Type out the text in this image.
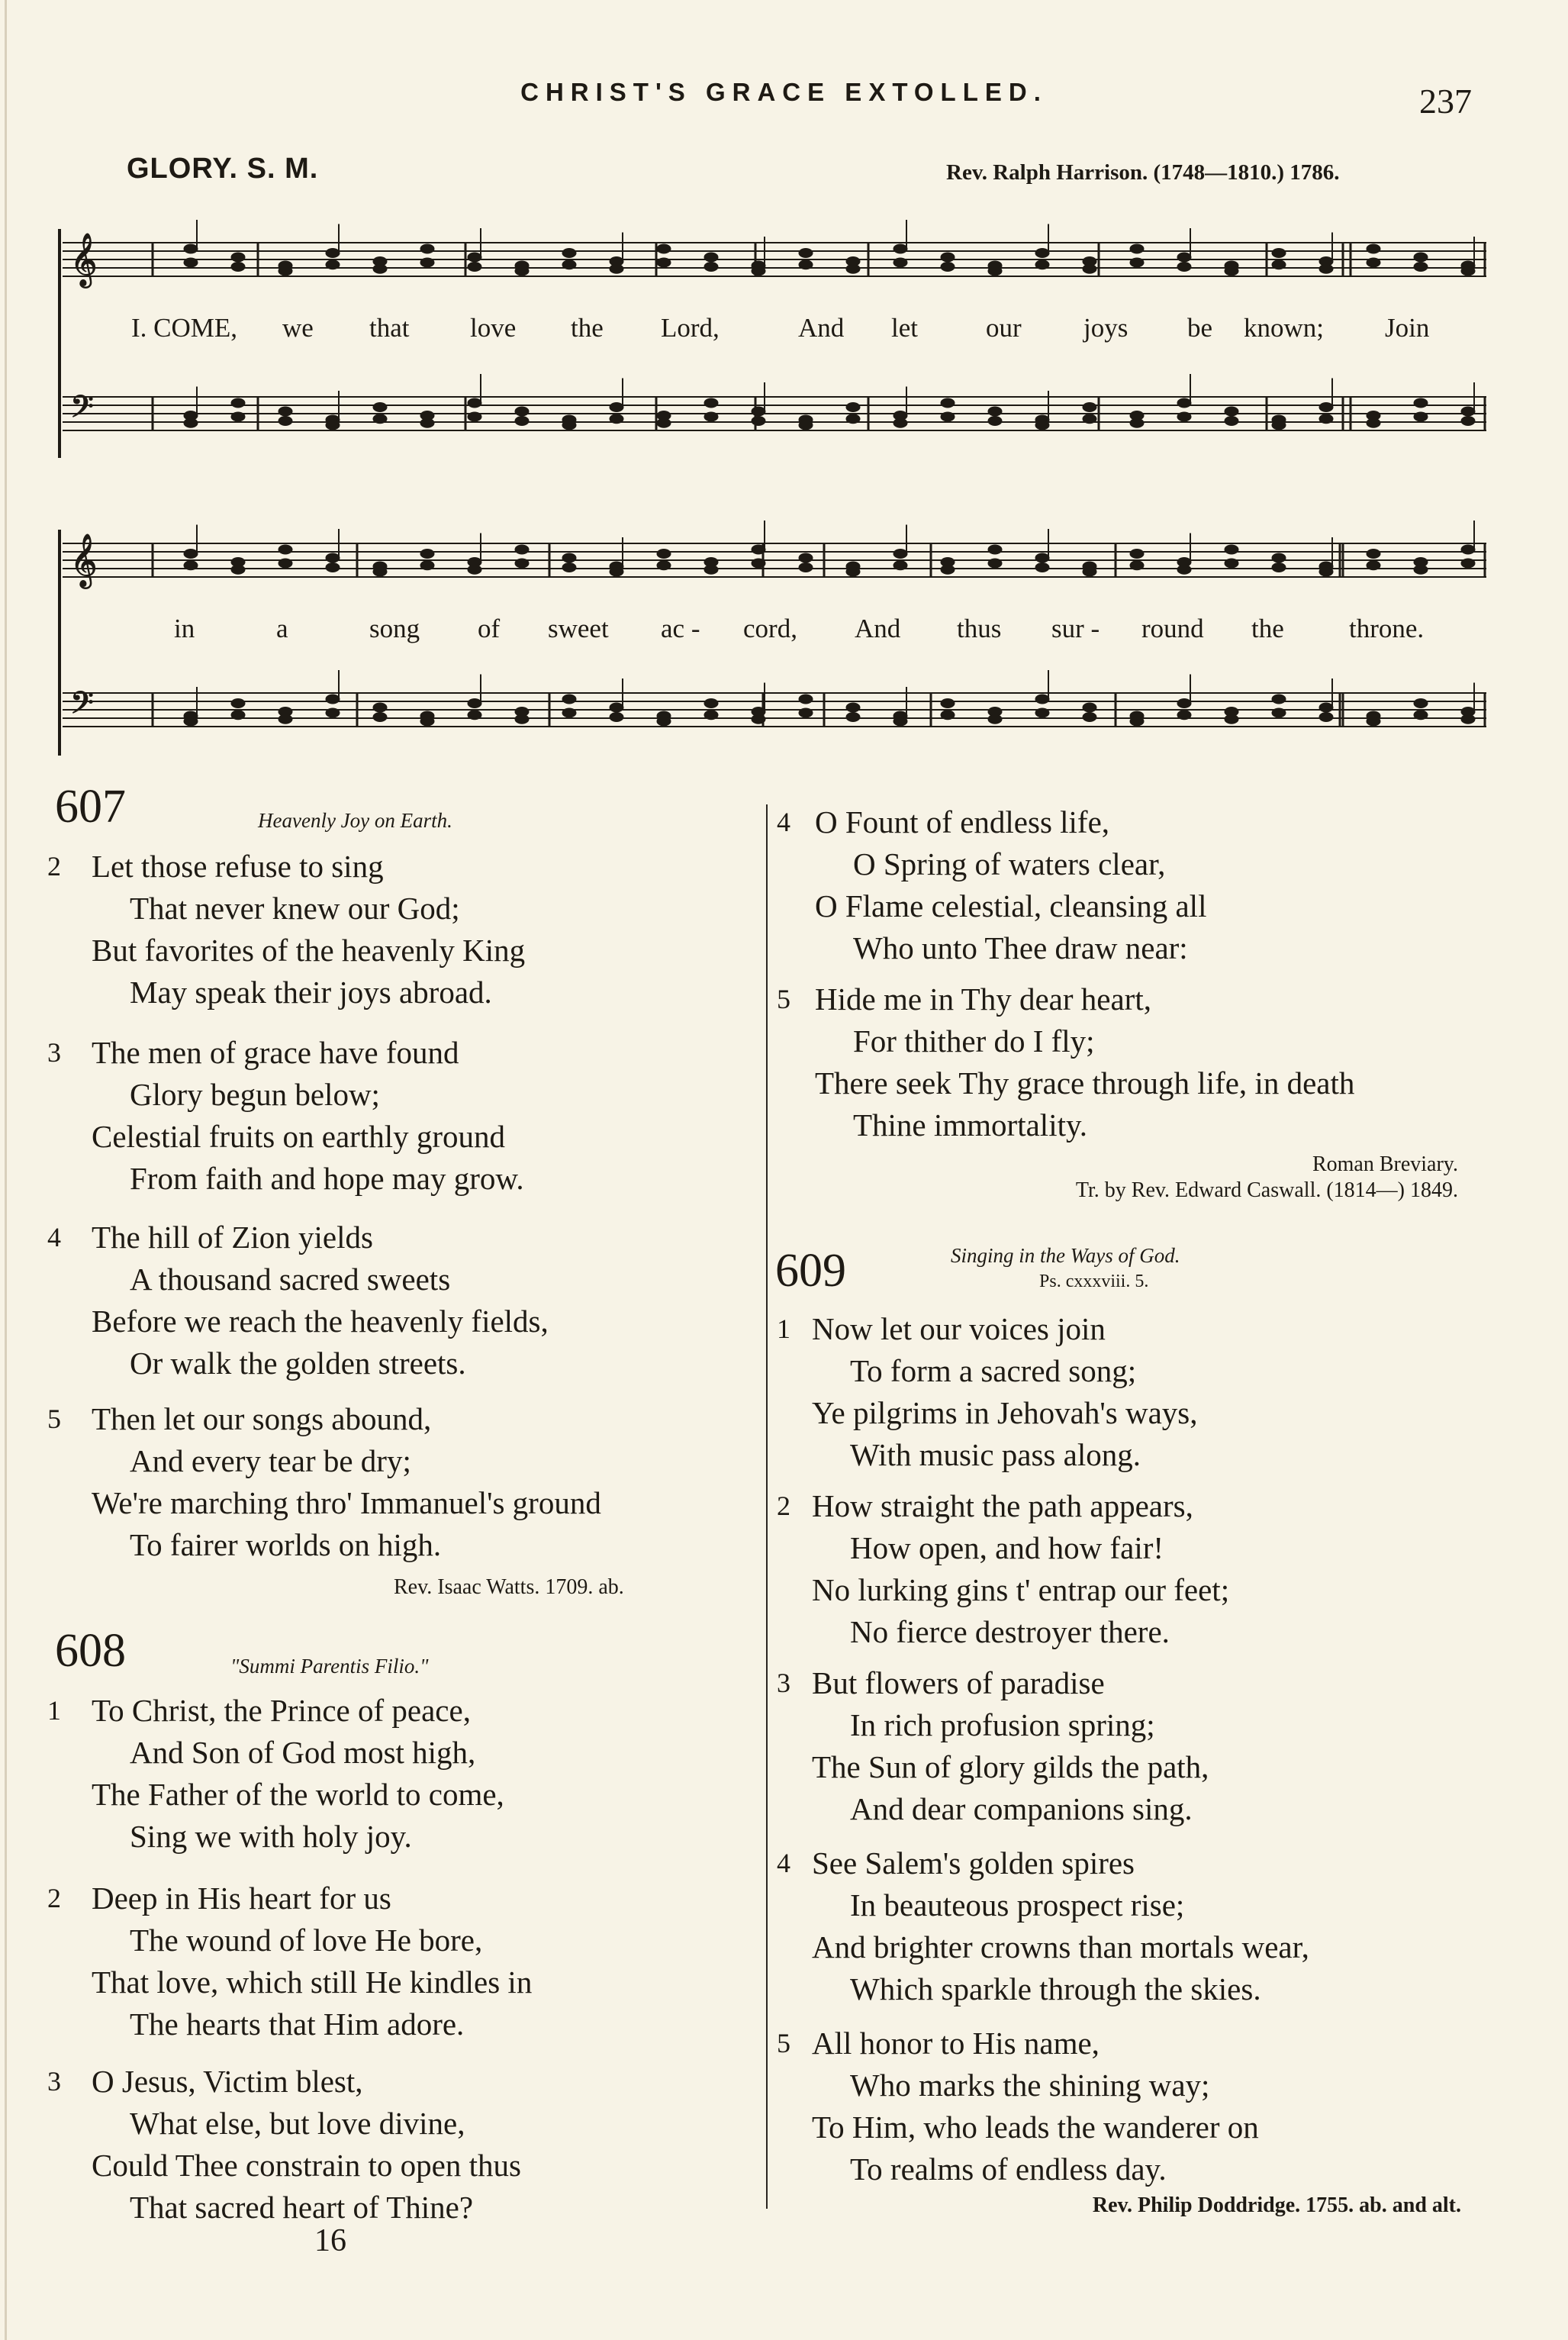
CHRIST'S GRACE EXTOLLED.	237
GLORY. S. M.	Rev. Ralph Harrison. (1748—1810.) 1786.
𝄞
𝄞
𝄢
𝄢
I. COME, we that love the Lord,	And let	our joys be known; Join
in	a	song of sweet ac - cord, And thus sur - round the throne.
607	Heavenly Joy on Earth.
2 Let those refuse to sing
That never knew our God;
But favorites of the heavenly King
May speak their joys abroad.
3 The men of grace have found
Glory begun below;
Celestial fruits on earthly ground
From faith and hope may grow.
4 The hill of Zion yields
A thousand sacred sweets
Before we reach the heavenly fields,
Or walk the golden streets.
5 Then let our songs abound,
And every tear be dry;
We're marching thro' Immanuel's ground
To fairer worlds on high.
Rev. Isaac Watts. 1709. ab.
608	"Summi Parentis Filio."
1 To Christ, the Prince of peace,
And Son of God most high,
The Father of the world to come,
Sing we with holy joy.
2 Deep in His heart for us
The wound of love He bore,
That love, which still He kindles in
The hearts that Him adore.
3 O Jesus, Victim blest,
What else, but love divine,
Could Thee constrain to open thus
That sacred heart of Thine?
16
4 O Fount of endless life,
O Spring of waters clear,
O Flame celestial, cleansing all
Who unto Thee draw near:
5 Hide me in Thy dear heart,
For thither do I fly;
There seek Thy grace through life, in death
Thine immortality.
Roman Breviary.
Tr. by Rev. Edward Caswall. (1814—) 1849.
609	Singing in the Ways of God.
Ps. cxxxviii. 5.
1 Now let our voices join
To form a sacred song;
Ye pilgrims in Jehovah's ways,
With music pass along.
2 How straight the path appears,
How open, and how fair!
No lurking gins t' entrap our feet;
No fierce destroyer there.
3 But flowers of paradise
In rich profusion spring;
The Sun of glory gilds the path,
And dear companions sing.
4 See Salem's golden spires
In beauteous prospect rise;
And brighter crowns than mortals wear,
Which sparkle through the skies.
5 All honor to His name,
Who marks the shining way;
To Him, who leads the wanderer on
To realms of endless day.
Rev. Philip Doddridge. 1755. ab. and alt.
